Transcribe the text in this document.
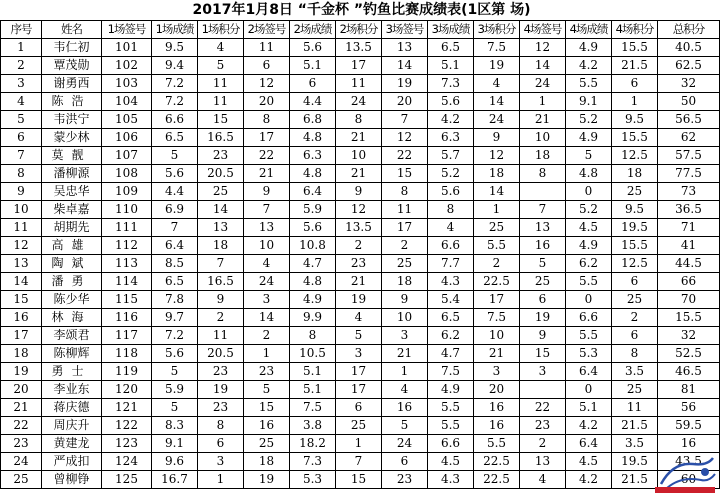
2017年1月8日 “千金杯 ”钓鱼比赛成绩表(1区第 场)
序号	姓名	1场签号	1场成绩	1场积分	2场签号	2场成绩	2场积分	3场签号	3场成绩	3场积分	4场签号	4场成绩	4场积分	总积分
1	韦仁初	101	9.5	4	11	5.6	13.5	13	6.5	7.5	12	4.9	15.5	40.5
2	覃茂勋	102	9.4	5	6	5.1	17	14	5.1	19	14	4.2	21.5	62.5
3	谢勇西	103	7.2	11	12	6	11	19	7.3	4	24	5.5	6	32
4	陈浩	104	7.2	11	20	4.4	24	20	5.6	14	1	9.1	1	50
5	韦洪宁	105	6.6	15	8	6.8	8	7	4.2	24	21	5.2	9.5	56.5
6	蒙少林	106	6.5	16.5	17	4.8	21	12	6.3	9	10	4.9	15.5	62
7	莫靓	107	5	23	22	6.3	10	22	5.7	12	18	5	12.5	57.5
8	潘柳源	108	5.6	20.5	21	4.8	21	15	5.2	18	8	4.8	18	77.5
9	吴忠华	109	4.4	25	9	6.4	9	8	5.6	14		0	25	73
10	柴卓嘉	110	6.9	14	7	5.9	12	11	8	1	7	5.2	9.5	36.5
11	胡期先	111	7	13	13	5.6	13.5	17	4	25	13	4.5	19.5	71
12	高雄	112	6.4	18	10	10.8	2	2	6.6	5.5	16	4.9	15.5	41
13	陶斌	113	8.5	7	4	4.7	23	25	7.7	2	5	6.2	12.5	44.5
14	潘勇	114	6.5	16.5	24	4.8	21	18	4.3	22.5	25	5.5	6	66
15	陈少华	115	7.8	9	3	4.9	19	9	5.4	17	6	0	25	70
16	林海	116	9.7	2	14	9.9	4	10	6.5	7.5	19	6.6	2	15.5
17	李颂君	117	7.2	11	2	8	5	3	6.2	10	9	5.5	6	32
18	陈柳辉	118	5.6	20.5	1	10.5	3	21	4.7	21	15	5.3	8	52.5
19	勇士	119	5	23	23	5.1	17	1	7.5	3	3	6.4	3.5	46.5
20	李业东	120	5.9	19	5	5.1	17	4	4.9	20		0	25	81
21	蒋庆德	121	5	23	15	7.5	6	16	5.5	16	22	5.1	11	56
22	周庆升	122	8.3	8	16	3.8	25	5	5.5	16	23	4.2	21.5	59.5
23	黄建龙	123	9.1	6	25	18.2	1	24	6.6	5.5	2	6.4	3.5	16
24	严成扣	124	9.6	3	18	7.3	7	6	4.5	22.5	13	4.5	19.5	43.5
25	曾柳铮	125	16.7	1	19	5.3	15	23	4.3	22.5	4	4.2	21.5	60
